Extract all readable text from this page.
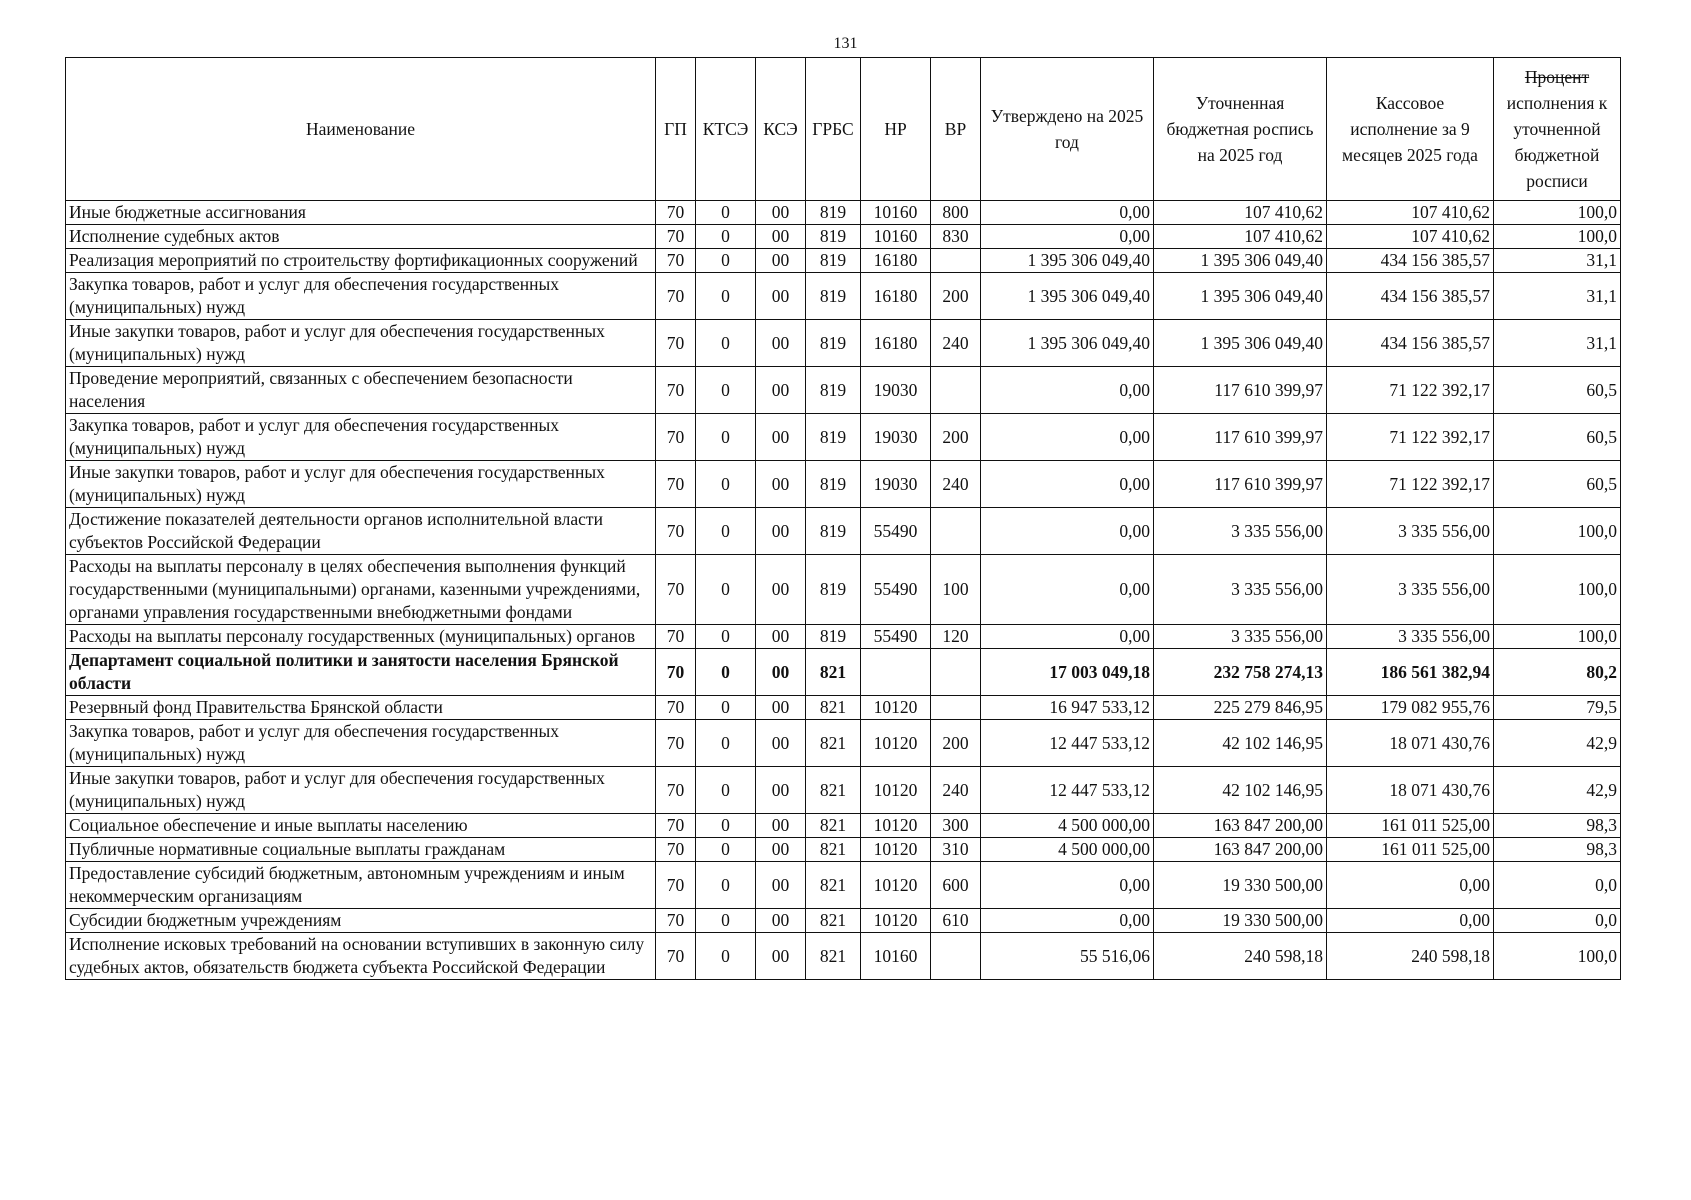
131
Наименование	ГП	КТСЭ	КСЭ	ГРБС	НР	ВР	Утверждено на 2025 год	Уточненная бюджетная роспись на 2025 год	Кассовое исполнение за 9 месяцев 2025 года	Процент
исполнения к уточненной бюджетной росписи

Иные бюджетные ассигнования	70	0	00	819	10160	800	0,00	107 410,62	107 410,62	100,0
Исполнение судебных актов	70	0	00	819	10160	830	0,00	107 410,62	107 410,62	100,0
Реализация мероприятий по строительству фортификационных сооружений	70	0	00	819	16180		1 395 306 049,40	1 395 306 049,40	434 156 385,57	31,1
Закупка товаров, работ и услуг для обеспечения государственных (муниципальных) нужд	70	0	00	819	16180	200	1 395 306 049,40	1 395 306 049,40	434 156 385,57	31,1
Иные закупки товаров, работ и услуг для обеспечения государственных (муниципальных) нужд	70	0	00	819	16180	240	1 395 306 049,40	1 395 306 049,40	434 156 385,57	31,1
Проведение мероприятий, связанных с обеспечением безопасности населения	70	0	00	819	19030		0,00	117 610 399,97	71 122 392,17	60,5
Закупка товаров, работ и услуг для обеспечения государственных (муниципальных) нужд	70	0	00	819	19030	200	0,00	117 610 399,97	71 122 392,17	60,5
Иные закупки товаров, работ и услуг для обеспечения государственных (муниципальных) нужд	70	0	00	819	19030	240	0,00	117 610 399,97	71 122 392,17	60,5
Достижение показателей деятельности органов исполнительной власти субъектов Российской Федерации	70	0	00	819	55490		0,00	3 335 556,00	3 335 556,00	100,0
Расходы на выплаты персоналу в целях обеспечения выполнения функций государственными (муниципальными) органами, казенными учреждениями, органами управления государственными внебюджетными фондами	70	0	00	819	55490	100	0,00	3 335 556,00	3 335 556,00	100,0
Расходы на выплаты персоналу государственных (муниципальных) органов	70	0	00	819	55490	120	0,00	3 335 556,00	3 335 556,00	100,0
Департамент социальной политики и занятости населения Брянской области	70	0	00	821			17 003 049,18	232 758 274,13	186 561 382,94	80,2
Резервный фонд Правительства Брянской области	70	0	00	821	10120		16 947 533,12	225 279 846,95	179 082 955,76	79,5
Закупка товаров, работ и услуг для обеспечения государственных (муниципальных) нужд	70	0	00	821	10120	200	12 447 533,12	42 102 146,95	18 071 430,76	42,9
Иные закупки товаров, работ и услуг для обеспечения государственных (муниципальных) нужд	70	0	00	821	10120	240	12 447 533,12	42 102 146,95	18 071 430,76	42,9
Социальное обеспечение и иные выплаты населению	70	0	00	821	10120	300	4 500 000,00	163 847 200,00	161 011 525,00	98,3
Публичные нормативные социальные выплаты гражданам	70	0	00	821	10120	310	4 500 000,00	163 847 200,00	161 011 525,00	98,3
Предоставление субсидий бюджетным, автономным учреждениям и иным некоммерческим организациям	70	0	00	821	10120	600	0,00	19 330 500,00	0,00	0,0
Субсидии бюджетным учреждениям	70	0	00	821	10120	610	0,00	19 330 500,00	0,00	0,0
Исполнение исковых требований на основании вступивших в законную силу судебных актов, обязательств бюджета субъекта Российской Федерации	70	0	00	821	10160		55 516,06	240 598,18	240 598,18	100,0
